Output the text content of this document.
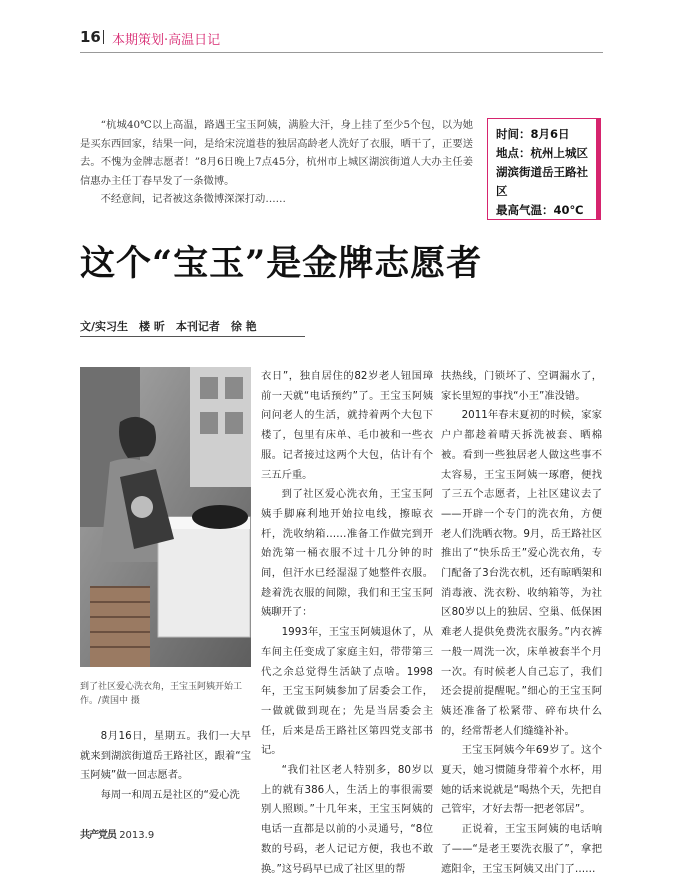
16 本期策划·高温日记

“杭城40℃以上高温，路遇王宝玉阿姨，满脸大汗，身上挂了至少5个包，以为她是买东西回家，结果一问，是给宋浣道巷的独居高龄老人洗好了衣服，晒干了，正要送去。不愧为金牌志愿者！”8月6日晚上7点45分，杭州市上城区湖滨街道人大办主任姜信惠办主任丁春早发了一条微博。

不经意间，记者被这条微博深深打动……

时间：8月6日

地点：杭州上城区湖滨街道岳王路社区

最高气温：40℃

这个“宝玉”是金牌志愿者
文/实习生　楼 昕　本刊记者　徐 艳
到了社区爱心洗衣角，王宝玉阿姨开始工作。/黄国中 摄

8月16日，星期五。我们一大早就来到湖滨街道岳王路社区，跟着“宝玉阿姨”做一回志愿者。

每周一和周五是社区的“爱心洗

衣日”，独自居住的82岁老人钮国璋前一天就“电话预约”了。王宝玉阿姨问问老人的生活，就持着两个大包下楼了，包里有床单、毛巾被和一些衣服。记者接过这两个大包，估计有个三五斤重。

到了社区爱心洗衣角，王宝玉阿姨手脚麻利地开始拉电线，擦晾衣杆，洗收纳箱……准备工作做完到开始洗第一桶衣服不过十几分钟的时间，但汗水已经湿湿了她整件衣服。趁着洗衣服的间隙，我们和王宝玉阿姨聊开了：

1993年，王宝玉阿姨退休了，从车间主任变成了家庭主妇，带带第三代之余总觉得生活缺了点啥。1998年，王宝玉阿姨参加了居委会工作，一做就做到现在；先是当居委会主任，后来是岳王路社区第四党支部书记。

“我们社区老人特别多，80岁以上的就有386人，生活上的事很需要别人照顾。”十几年来，王宝玉阿姨的电话一直都是以前的小灵通号，“8位数的号码，老人记记方便，我也不敢换。”这号码早已成了社区里的帮

扶热线，门锁坏了、空调漏水了，家长里短的事找“小王”准没错。

2011年春末夏初的时候，家家户户都趁着晴天拆洗被套、晒棉被。看到一些独居老人做这些事不太容易，王宝玉阿姨一琢磨，便找了三五个志愿者，上社区建议去了——开辟一个专门的洗衣角，方便老人们洗晒衣物。9月，岳王路社区推出了“快乐岳王”爱心洗衣角，专门配备了3台洗衣机，还有晾晒架和消毒液、洗衣粉、收纳箱等，为社区80岁以上的独居、空巢、低保困难老人提供免费洗衣服务。”内衣裤一般一周洗一次，床单被套半个月一次。有时候老人自己忘了，我们还会提前提醒呢。”细心的王宝玉阿姨还准备了松紧带、碎布块什么的，经常帮老人们缝缝补补。

王宝玉阿姨今年69岁了。这个夏天，她习惯随身带着个水杯，用她的话来说就是“喝热个天，先把自己管牢，才好去帮一把老邻居”。

正说着，王宝玉阿姨的电话响了——“是老王要洗衣服了”，拿把遮阳伞，王宝玉阿姨又出门了……

共产党员 2013.9
